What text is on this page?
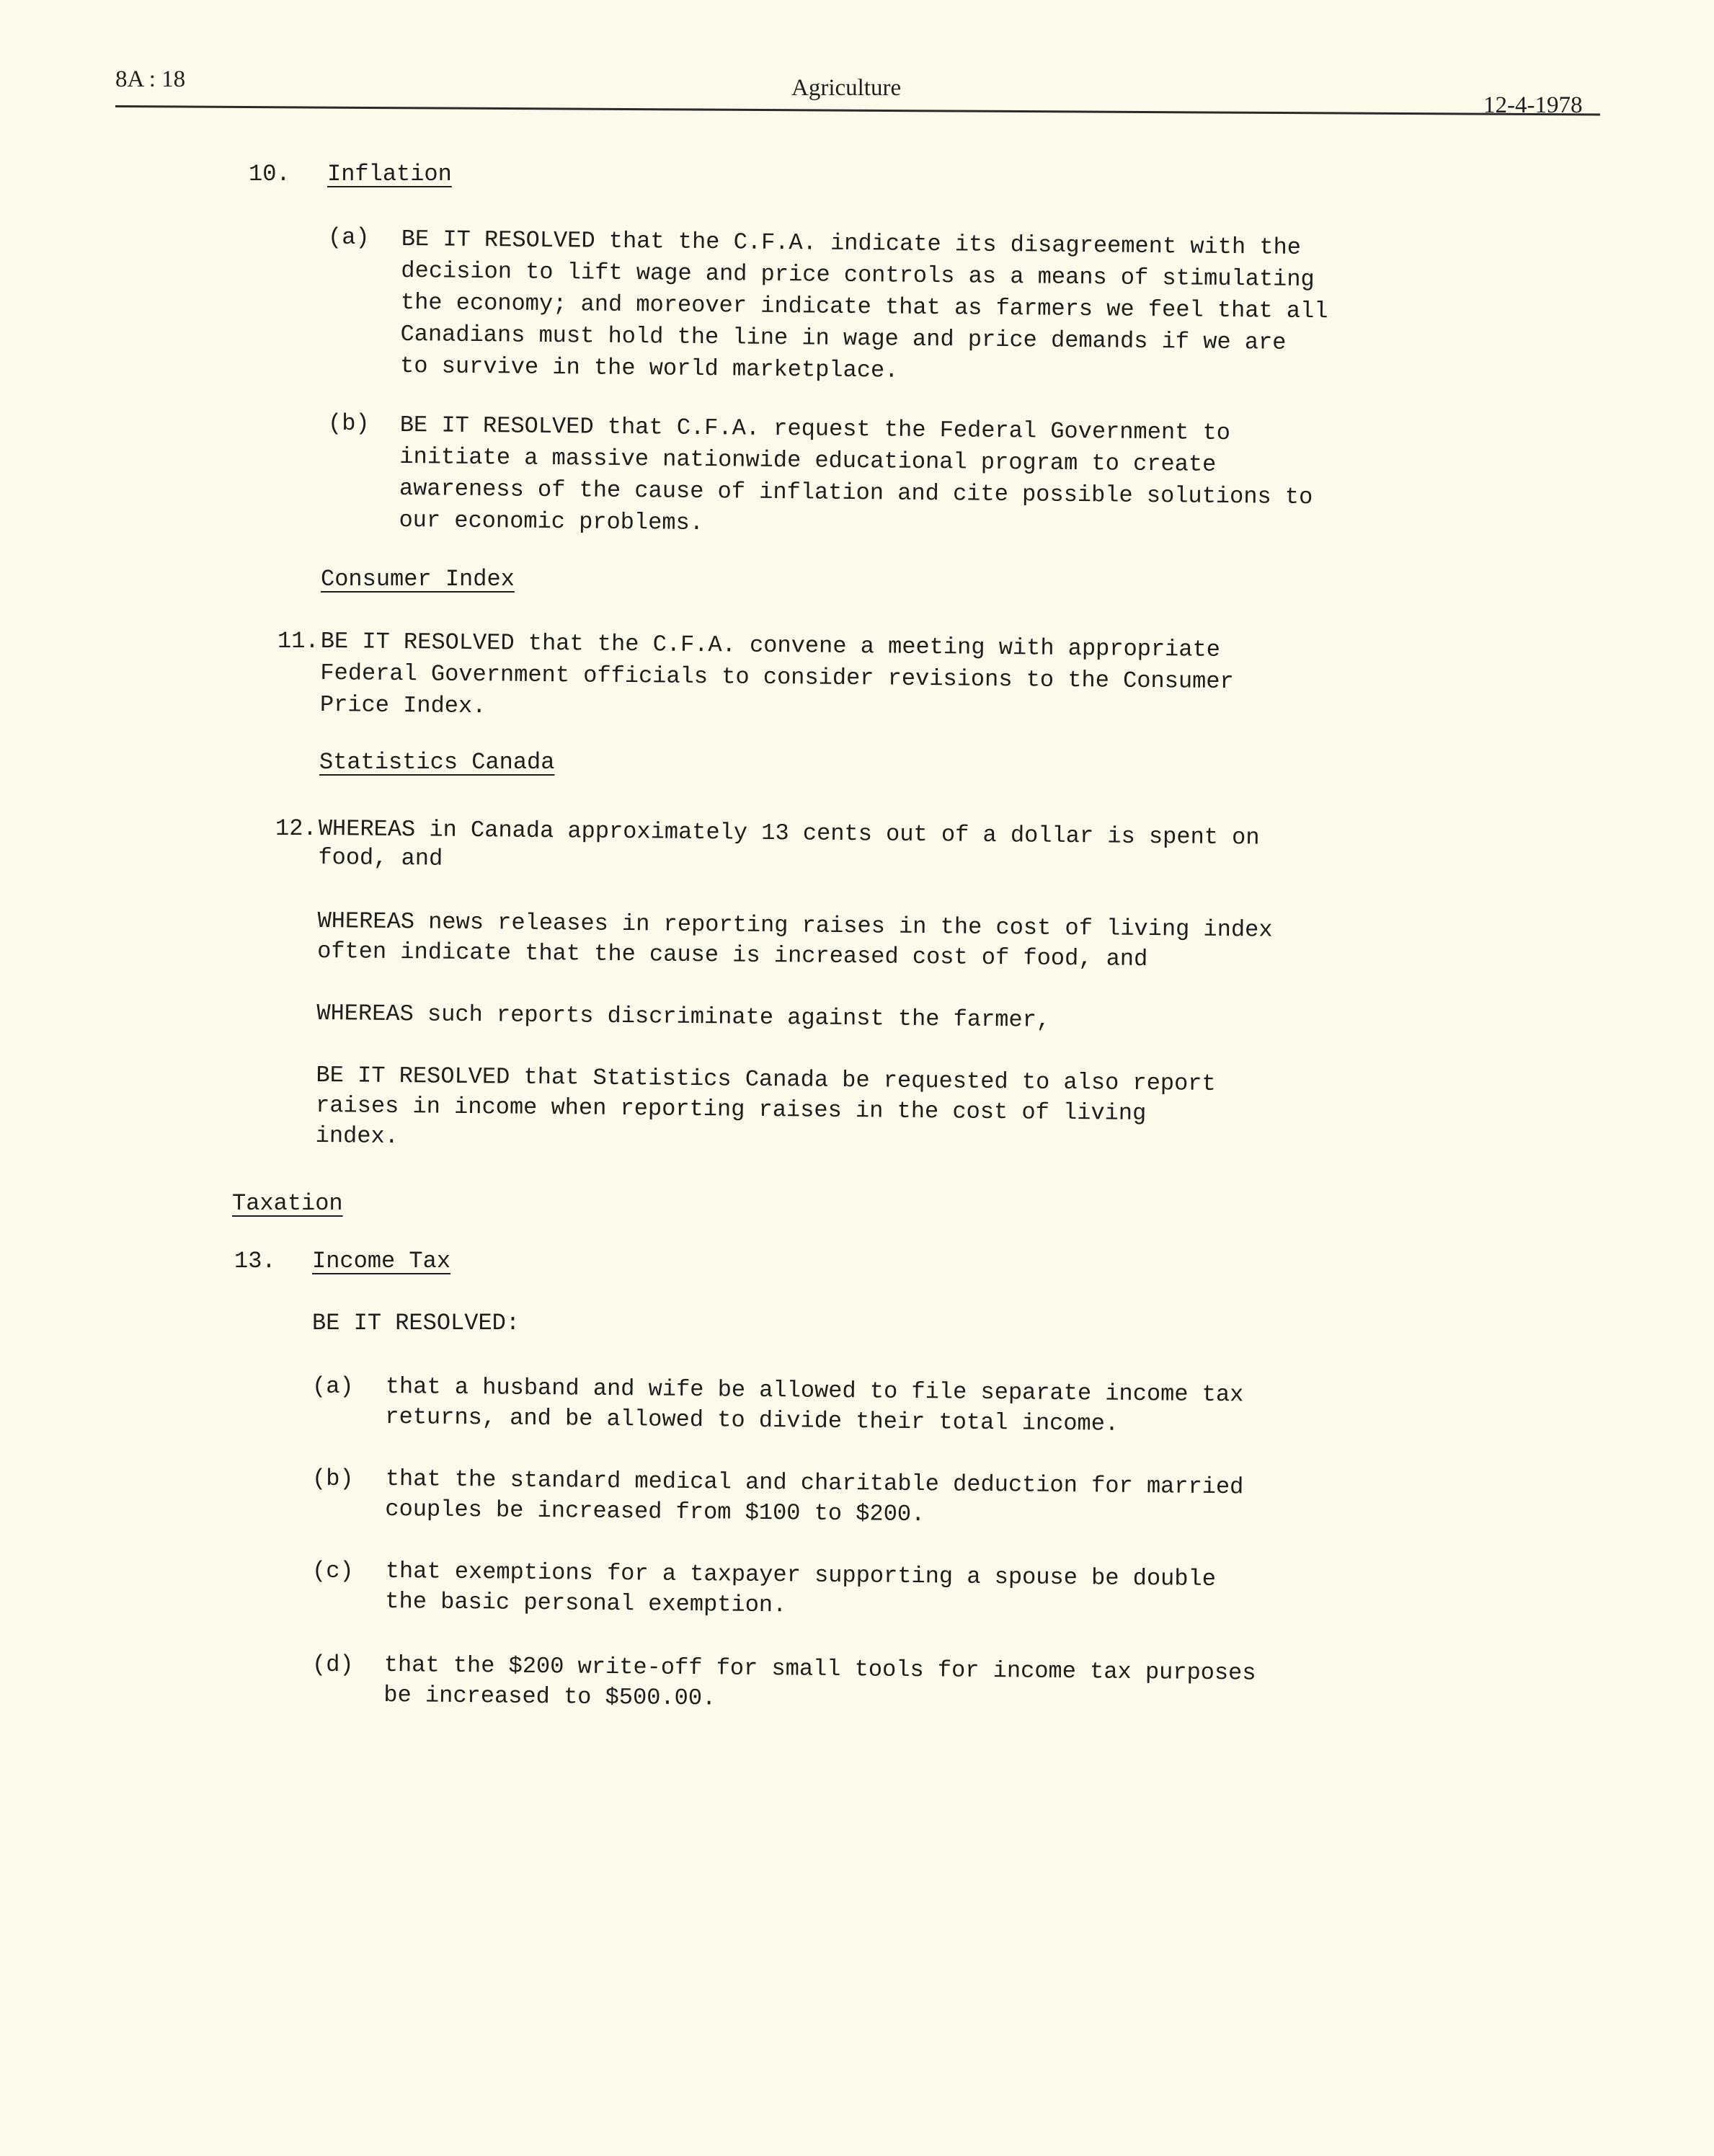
8A : 18	Agriculture
12-4-1978
10. Inflation
(a) BE IT RESOLVED that the C.F.A. indicate its disagreement with the
decision to lift wage and price controls as a means of stimulating
the economy; and moreover indicate that as farmers we feel that all
Canadians must hold the line in wage and price demands if we are
to survive in the world marketplace.
(b) BE IT RESOLVED that C.F.A. request the Federal Government to
initiate a massive nationwide educational program to create
awareness of the cause of inflation and cite possible solutions to
our economic problems.
Consumer Index
11. BE IT RESOLVED that the C.F.A. convene a meeting with appropriate
Federal Government officials to consider revisions to the Consumer
Price Index.
Statistics Canada
12. WHEREAS in Canada approximately 13 cents out of a dollar is spent on
food, and
WHEREAS news releases in reporting raises in the cost of living index
often indicate that the cause is increased cost of food, and
WHEREAS such reports discriminate against the farmer,
BE IT RESOLVED that Statistics Canada be requested to also report
raises in income when reporting raises in the cost of living
index.
Taxation
13. Income Tax
BE IT RESOLVED:
(a) that a husband and wife be allowed to file separate income tax
returns, and be allowed to divide their total income.
(b) that the standard medical and charitable deduction for married
couples be increased from $100 to $200.
(c) that exemptions for a taxpayer supporting a spouse be double
the basic personal exemption.
(d) that the $200 write-off for small tools for income tax purposes
be increased to $500.00.
